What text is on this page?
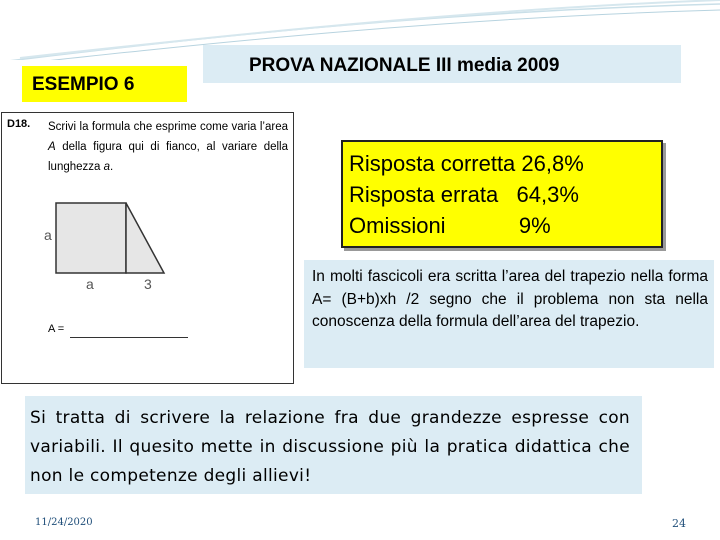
ESEMPIO 6
PROVA NAZIONALE III media 2009
D18. Scrivi la formula che esprime come varia l’area A della figura qui di fianco, al variare della lunghezza a.
a
a	3
A =
Risposta corretta 26,8%
Risposta errata   64,3%
Omissioni            9%
In molti fascicoli era scritta l’area del trapezio nella forma A= (B+b)xh /2 segno che il problema non sta nella conoscenza della formula dell’area del trapezio.
Si tratta di scrivere la relazione fra due grandezze espresse con variabili. Il quesito mette in discussione più la pratica didattica che non le competenze degli allievi!
11/24/2020	24
